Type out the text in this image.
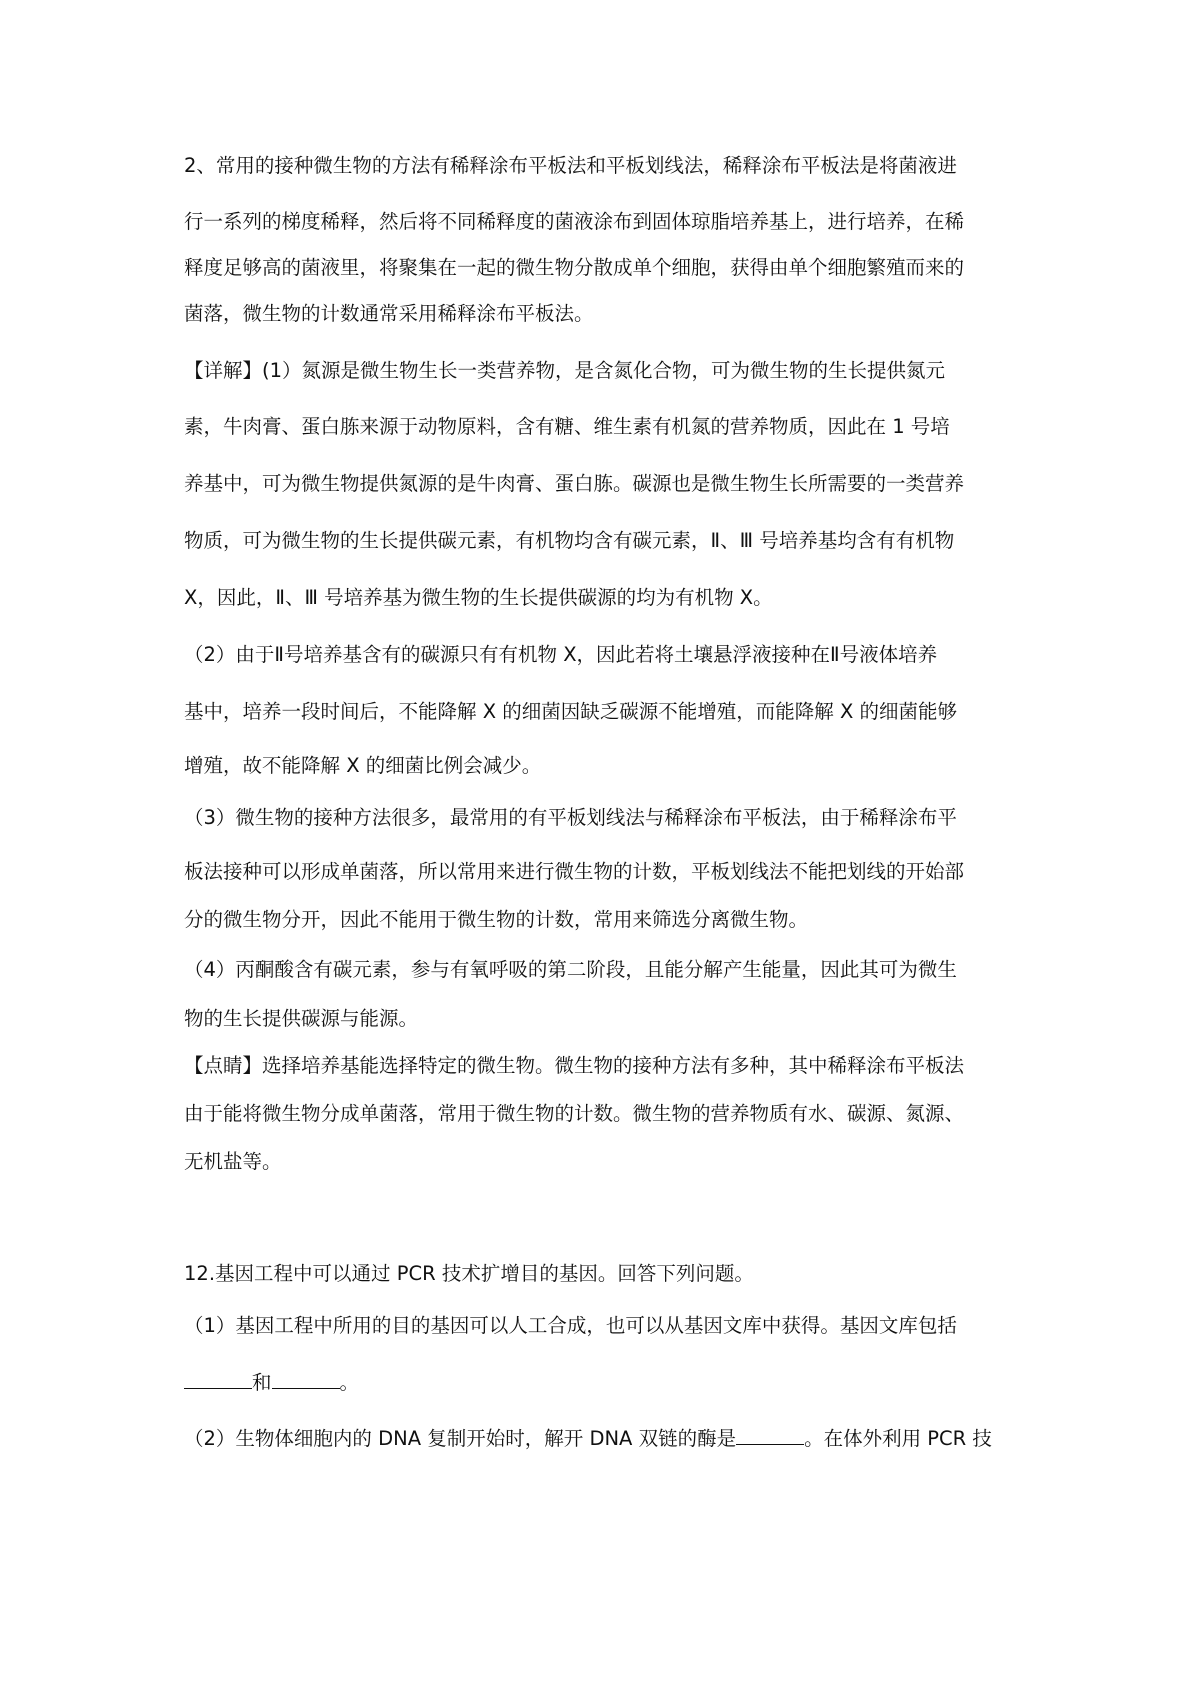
2、常用的接种微生物的方法有稀释涂布平板法和平板划线法，稀释涂布平板法是将菌液进
行一系列的梯度稀释，然后将不同稀释度的菌液涂布到固体琼脂培养基上，进行培养，在稀
释度足够高的菌液里，将聚集在一起的微生物分散成单个细胞，获得由单个细胞繁殖而来的
菌落，微生物的计数通常采用稀释涂布平板法。
【详解】(1）氮源是微生物生长一类营养物，是含氮化合物，可为微生物的生长提供氮元
素，牛肉膏、蛋白胨来源于动物原料，含有糖、维生素有机氮的营养物质，因此在 1 号培
养基中，可为微生物提供氮源的是牛肉膏、蛋白胨。碳源也是微生物生长所需要的一类营养
物质，可为微生物的生长提供碳元素，有机物均含有碳元素，Ⅱ、Ⅲ 号培养基均含有有机物
X，因此，Ⅱ、Ⅲ 号培养基为微生物的生长提供碳源的均为有机物 X。
（2）由于Ⅱ号培养基含有的碳源只有有机物 X，因此若将土壤悬浮液接种在Ⅱ号液体培养
基中，培养一段时间后，不能降解 X 的细菌因缺乏碳源不能增殖，而能降解 X 的细菌能够
增殖，故不能降解 X 的细菌比例会减少。
（3）微生物的接种方法很多，最常用的有平板划线法与稀释涂布平板法，由于稀释涂布平
板法接种可以形成单菌落，所以常用来进行微生物的计数，平板划线法不能把划线的开始部
分的微生物分开，因此不能用于微生物的计数，常用来筛选分离微生物。
（4）丙酮酸含有碳元素，参与有氧呼吸的第二阶段，且能分解产生能量，因此其可为微生
物的生长提供碳源与能源。
【点睛】选择培养基能选择特定的微生物。微生物的接种方法有多种，其中稀释涂布平板法
由于能将微生物分成单菌落，常用于微生物的计数。微生物的营养物质有水、碳源、氮源、
无机盐等。
12.基因工程中可以通过 PCR 技术扩增目的基因。回答下列问题。
（1）基因工程中所用的目的基因可以人工合成，也可以从基因文库中获得。基因文库包括
和	。
（2）生物体细胞内的 DNA 复制开始时，解开 DNA 双链的酶是	。在体外利用 PCR 技
